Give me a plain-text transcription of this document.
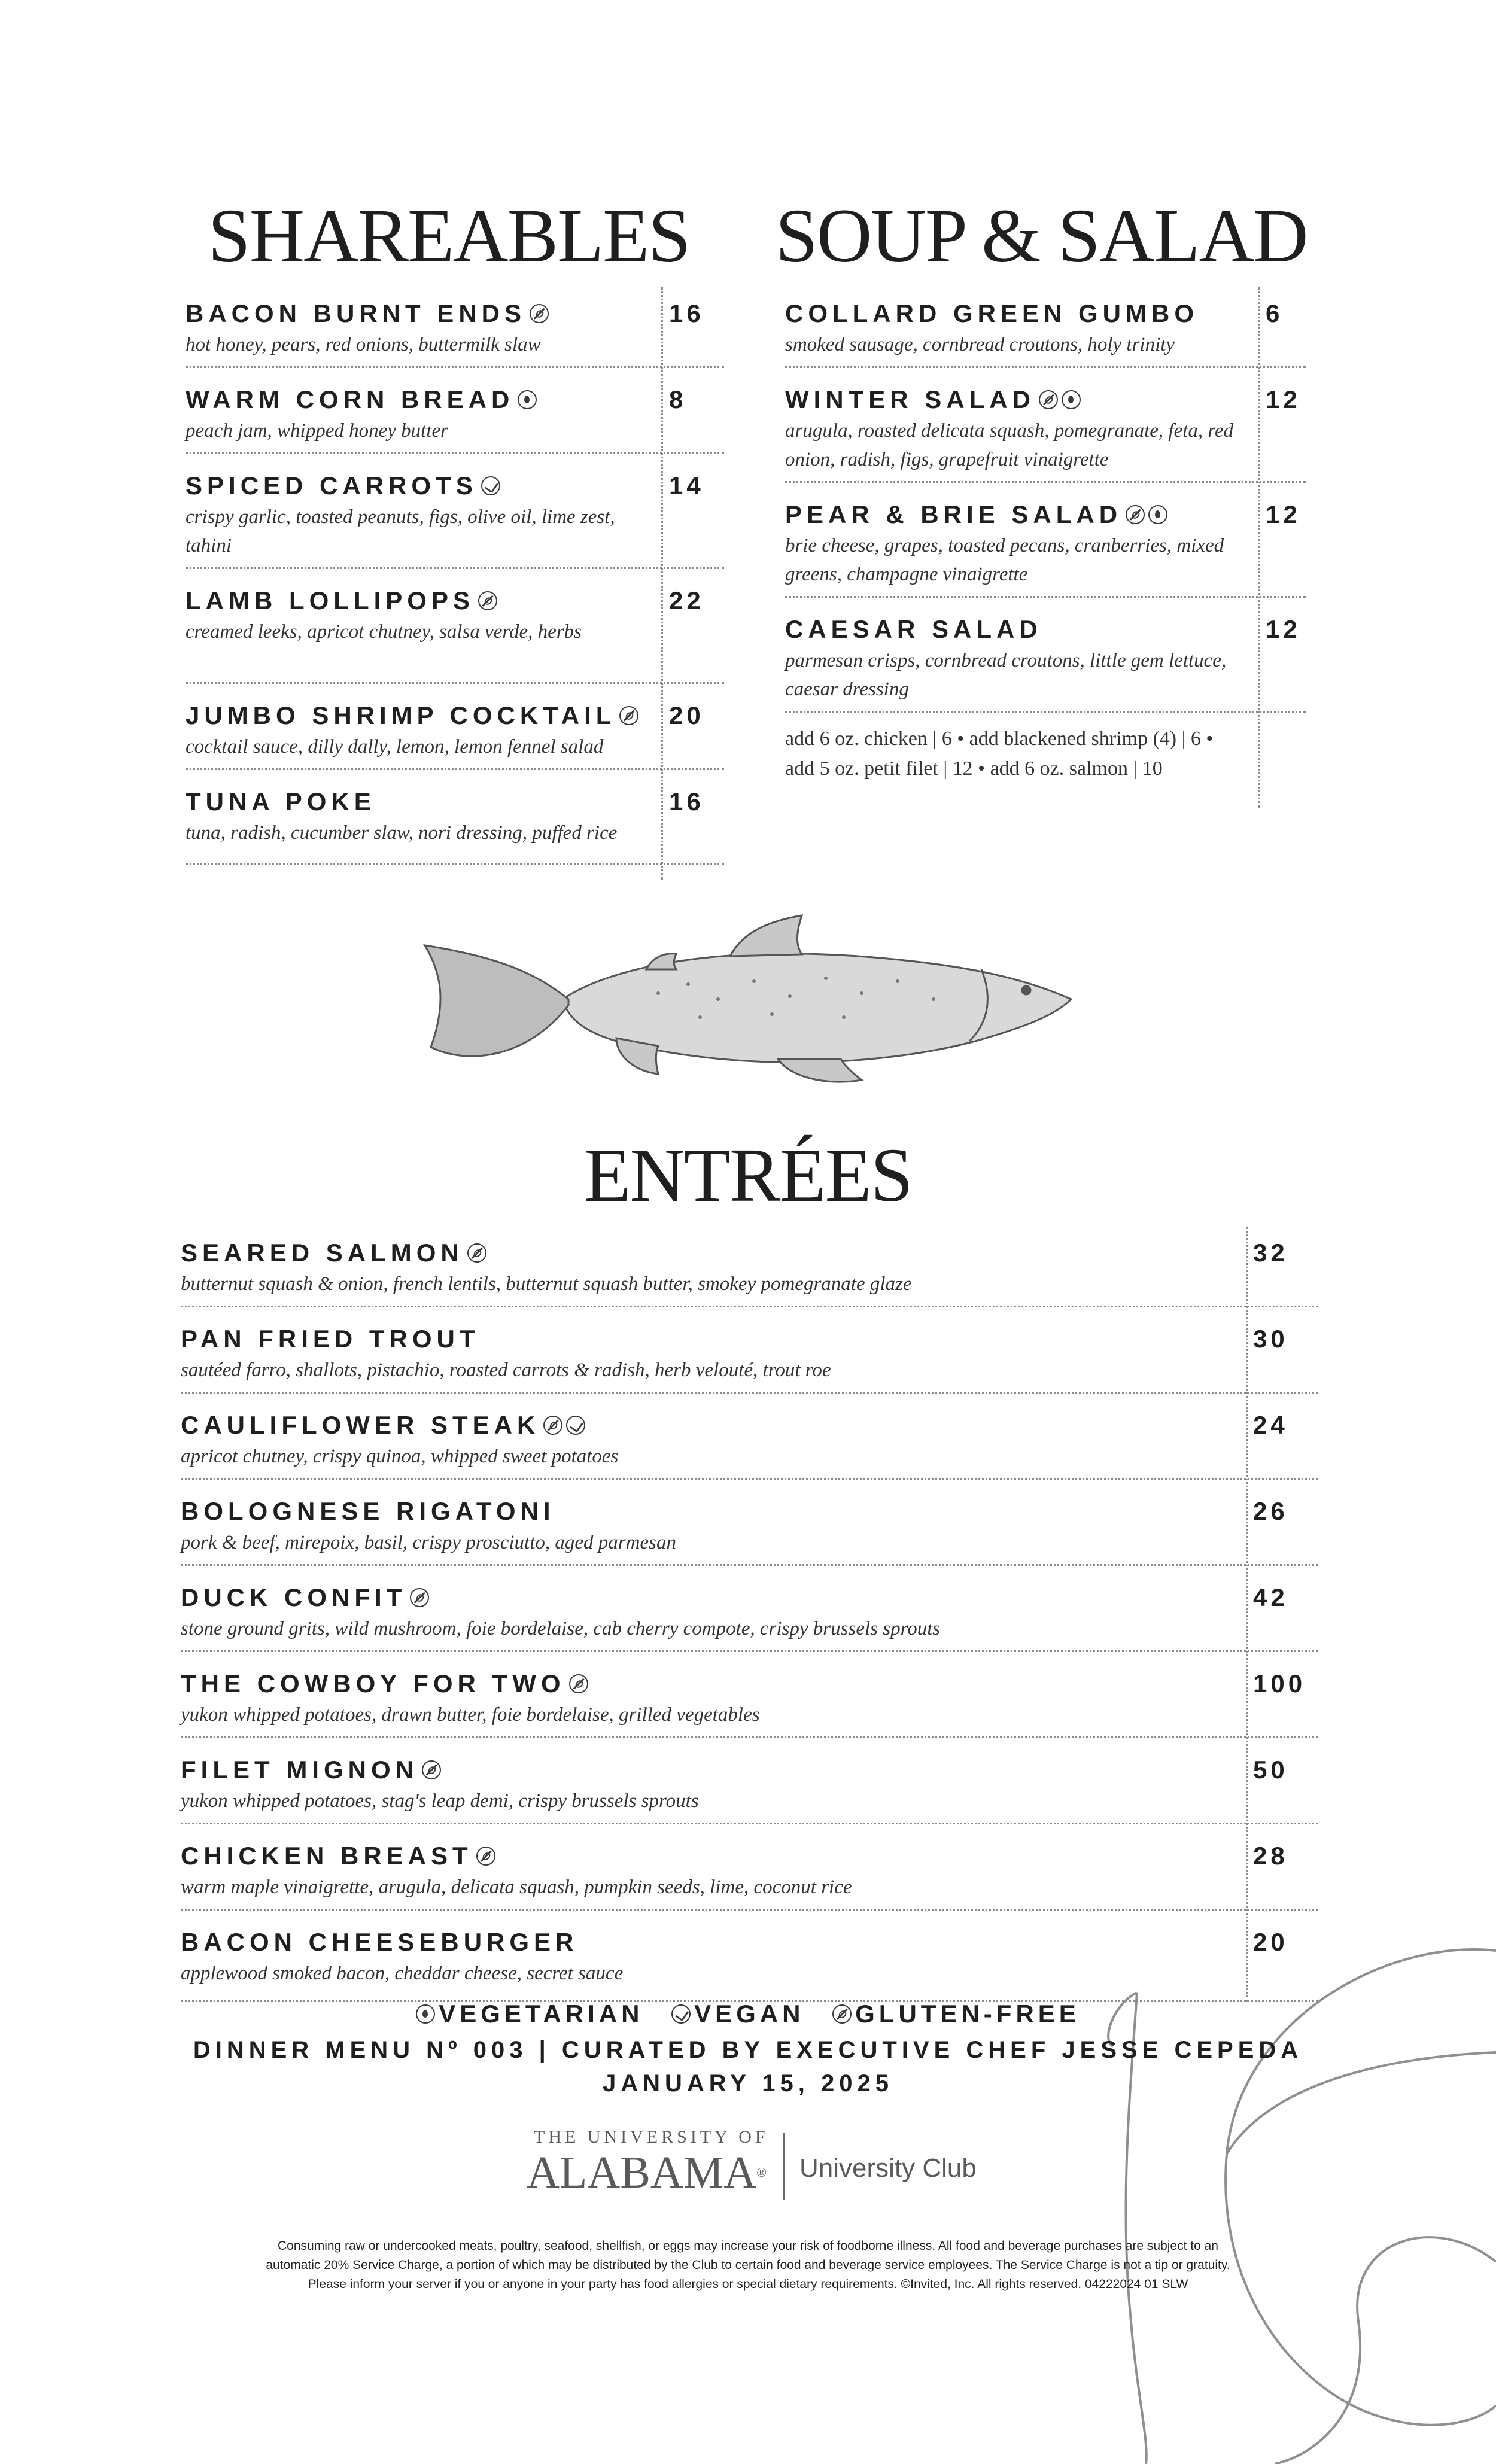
SHAREABLES
BACON BURNT ENDS
hot honey, pears, red onions, buttermilk slaw
16
WARM CORN BREAD
peach jam, whipped honey butter
8
SPICED CARROTS
crispy garlic, toasted peanuts, figs, olive oil, lime zest, tahini
14
LAMB LOLLIPOPS
creamed leeks, apricot chutney, salsa verde, herbs
22
JUMBO SHRIMP COCKTAIL
cocktail sauce, dilly dally, lemon, lemon fennel salad
20
TUNA POKE
tuna, radish, cucumber slaw, nori dressing, puffed rice
16
SOUP & SALAD
add 6 oz. chicken | 6 • add blackened shrimp (4) | 6 •
add 5 oz. petit filet | 12 • add 6 oz. salmon | 10
COLLARD GREEN GUMBO
smoked sausage, cornbread croutons, holy trinity
6
WINTER SALAD
arugula, roasted delicata squash, pomegranate, feta, red onion, radish, figs, grapefruit vinaigrette
12
PEAR & BRIE SALAD
brie cheese, grapes, toasted pecans, cranberries, mixed greens, champagne vinaigrette
12
CAESAR SALAD
parmesan crisps, cornbread croutons, little gem lettuce, caesar dressing
12
ENTRÉES
SEARED SALMON
butternut squash & onion, french lentils, butternut squash butter, smokey pomegranate glaze
32
PAN FRIED TROUT
sautéed farro, shallots, pistachio, roasted carrots & radish, herb velouté, trout roe
30
CAULIFLOWER STEAK
apricot chutney, crispy quinoa, whipped sweet potatoes
24
BOLOGNESE RIGATONI
pork & beef, mirepoix, basil, crispy prosciutto, aged parmesan
26
DUCK CONFIT
stone ground grits, wild mushroom, foie bordelaise, cab cherry compote, crispy brussels sprouts
42
THE COWBOY FOR TWO
yukon whipped potatoes, drawn butter, foie bordelaise, grilled vegetables
100
FILET MIGNON
yukon whipped potatoes, stag's leap demi, crispy brussels sprouts
50
CHICKEN BREAST
warm maple vinaigrette, arugula, delicata squash, pumpkin seeds, lime, coconut rice
28
BACON CHEESEBURGER
applewood smoked bacon, cheddar cheese, secret sauce
20
VEGETARIAN
VEGAN
GLUTEN-FREE
DINNER MENU Nº 003 | CURATED BY EXECUTIVE CHEF JESSE CEPEDA
JANUARY 15, 2025
THE UNIVERSITY OF
ALABAMA® University Club
Consuming raw or undercooked meats, poultry, seafood, shellfish, or eggs may increase your risk of foodborne illness. All food and beverage purchases are subject to an
automatic 20% Service Charge, a portion of which may be distributed by the Club to certain food and beverage service employees. The Service Charge is not a tip or gratuity.
Please inform your server if you or anyone in your party has food allergies or special dietary requirements. ©Invited, Inc. All rights reserved. 04222024 01 SLW
